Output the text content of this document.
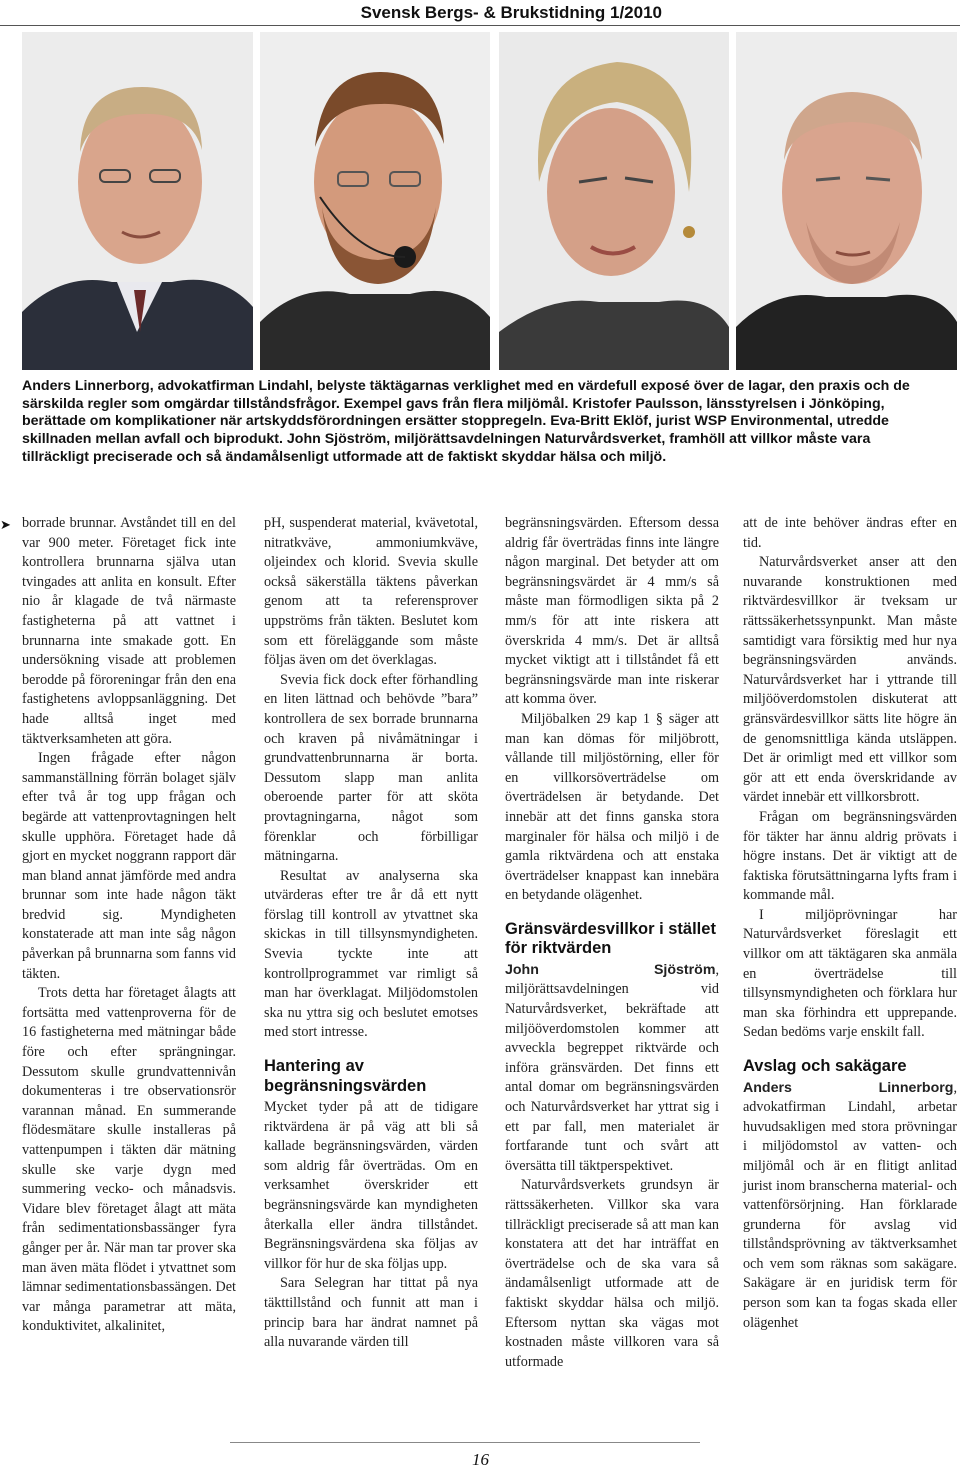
Svensk Bergs- & Brukstidning 1/2010

Anders Linnerborg, advokatfirman Lindahl, belyste täktägarnas verklighet med en värdefull exposé över de lagar, den praxis och de särskilda regler som omgärdar tillståndsfrågor. Exempel gavs från flera miljömål. Kristofer Paulsson, länsstyrelsen i Jönköping, berättade om komplikationer när artskyddsförordningen ersätter stoppregeln. Eva-Britt Eklöf, jurist WSP Environmental, utredde skillnaden mellan avfall och biprodukt. John Sjöström, miljörättsavdelningen Naturvårdsverket, framhöll att villkor måste vara tillräckligt preciserade och så ändamålsenligt utformade att de faktiskt skyddar hälsa och miljö.

➤ borrade brunnar. Avståndet till en del var 900 meter. Företaget fick inte kontrollera brunnarna själva utan tvingades att anlita en konsult. Efter nio år klagade de två närmaste fastigheterna på att vattnet i brunnarna inte smakade gott. En undersökning visade att problemen berodde på föroreningar från den ena fastighetens avloppsanläggning. Det hade alltså inget med täktverksamheten att göra.

Ingen frågade efter någon sammanställning förrän bolaget själv efter två år tog upp frågan och begärde att vattenprovtagningen helt skulle upphöra. Företaget hade då gjort en mycket noggrann rapport där man bland annat jämförde med andra brunnar som inte hade någon täkt bredvid sig. Myndigheten konstaterade att man inte såg någon påverkan på brunnarna som fanns vid täkten.

Trots detta har företaget ålagts att fortsätta med vattenproverna för de 16 fastigheterna med mätningar både före och efter sprängningar. Dessutom skulle grundvattennivån dokumenteras i tre observationsrör varannan månad. En summerande flödesmätare skulle installeras på vattenpumpen i täkten där mätning skulle ske varje dygn med summering vecko- och månadsvis. Vidare blev företaget ålagt att mäta från sedimentationsbassänger fyra gånger per år. När man tar prover ska man även mäta flödet i ytvattnet som lämnar sedimentationsbassängen. Det var många parametrar att mäta, konduktivitet, alkalinitet,

pH, suspenderat material, kvävetotal, nitratkväve, ammoniumkväve, oljeindex och klorid. Svevia skulle också säkerställa täktens påverkan genom att ta referensprover uppströms från täkten. Beslutet kom som ett föreläggande som måste följas även om det överklagas.

Svevia fick dock efter förhandling en liten lättnad och behövde ”bara” kontrollera de sex borrade brunnarna och kraven på nivåmätningar i grundvattenbrunnarna är borta. Dessutom slapp man anlita oberoende parter för att sköta provtagningarna, något som förenklar och förbilligar mätningarna.

Resultat av analyserna ska utvärderas efter tre år då ett nytt förslag till kontroll av ytvattnet ska skickas in till tillsynsmyndigheten. Svevia tyckte inte att kontrollprogrammet var rimligt så man har överklagat. Miljödomstolen ska nu yttra sig och beslutet emotses med stort intresse.

Hantering av begränsningsvärden

Mycket tyder på att de tidigare riktvärdena är på väg att bli så kallade begränsningsvärden, värden som aldrig får överträdas. Om en verksamhet överskrider ett begränsningsvärde kan myndigheten återkalla eller ändra tillståndet. Begränsningsvärdena ska följas av villkor för hur de ska följas upp.

Sara Selegran har tittat på nya täkttillstånd och funnit att man i princip bara har ändrat namnet på alla nuvarande värden till

begränsningsvärden. Eftersom dessa aldrig får överträdas finns inte längre någon marginal. Det betyder att om begränsningsvärdet är 4 mm/s så måste man förmodligen sikta på 2 mm/s för att inte riskera att överskrida 4 mm/s. Det är alltså mycket viktigt att i tillståndet få ett begränsningsvärde man inte riskerar att komma över.

Miljöbalken 29 kap 1 § säger att man kan dömas för miljöbrott, vållande till miljöstörning, eller för en villkorsöverträdelse om överträdelsen är betydande. Det innebär att det finns ganska stora marginaler för hälsa och miljö i de gamla riktvärdena och att enstaka överträdelser knappast kan innebära en betydande olägenhet.

Gränsvärdesvillkor i stället för riktvärden

John Sjöström, miljörättsavdelningen vid Naturvårdsverket, bekräftade att miljööverdomstolen kommer att avveckla begreppet riktvärde och införa gränsvärden. Det finns ett antal domar om begränsningsvärden och Naturvårdsverket har yttrat sig i ett par fall, men materialet är fortfarande tunt och svårt att översätta till täktperspektivet.

Naturvårdsverkets grundsyn är rättssäkerheten. Villkor ska vara tillräckligt preciserade så att man kan konstatera att det har inträffat en överträdelse och de ska vara så ändamålsenligt utformade att de faktiskt skyddar hälsa och miljö. Eftersom nyttan ska vägas mot kostnaden måste villkoren vara så utformade

att de inte behöver ändras efter en tid.

Naturvårdsverket anser att den nuvarande konstruktionen med riktvärdesvillkor är tveksam ur rättssäkerhetssynpunkt. Man måste samtidigt vara försiktig med hur nya begränsningsvärden används. Naturvårdsverket har i yttrande till miljööverdomstolen diskuterat att gränsvärdesvillkor sätts lite högre än de genomsnittliga kända utsläppen. Det är orimligt med ett villkor som gör att ett enda överskridande av värdet innebär ett villkorsbrott.

Frågan om begränsningsvärden för täkter har ännu aldrig prövats i högre instans. Det är viktigt att de faktiska förutsättningarna lyfts fram i kommande mål.

I miljöprövningar har Naturvårdsverket föreslagit ett villkor om att täktägaren ska anmäla en överträdelse till tillsynsmyndigheten och förklara hur man ska förhindra ett upprepande. Sedan bedöms varje enskilt fall.

Avslag och sakägare

Anders Linnerborg, advokatfirman Lindahl, arbetar huvudsakligen med stora prövningar i miljödomstol av vatten- och miljömål och är en flitigt anlitad jurist inom branscherna material- och vattenförsörjning. Han förklarade grunderna för avslag vid tillståndsprövning av täktverksamhet och vem som räknas som sakägare. Sakägare är en juridisk term för person som kan ta fogas skada eller olägenhet

16
